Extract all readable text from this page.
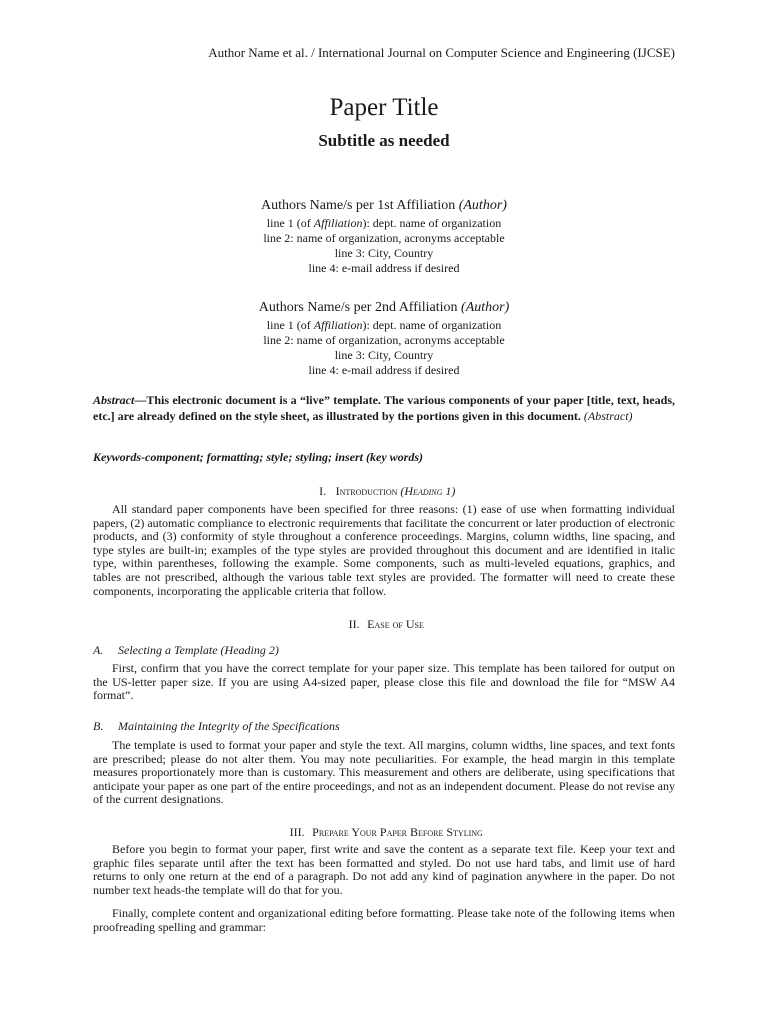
Author Name et al. / International Journal on Computer Science and Engineering (IJCSE)
Paper Title
Subtitle as needed
Authors Name/s per 1st Affiliation (Author)
line 1 (of Affiliation): dept. name of organization
line 2: name of organization, acronyms acceptable
line 3: City, Country
line 4: e-mail address if desired
Authors Name/s per 2nd Affiliation (Author)
line 1 (of Affiliation): dept. name of organization
line 2: name of organization, acronyms acceptable
line 3: City, Country
line 4: e-mail address if desired
Abstract—This electronic document is a “live” template. The various components of your paper [title, text, heads, etc.] are already defined on the style sheet, as illustrated by the portions given in this document. (Abstract)
Keywords-component; formatting; style; styling; insert (key words)
I. Introduction (Heading 1)

All standard paper components have been specified for three reasons: (1) ease of use when formatting individual papers, (2) automatic compliance to electronic requirements that facilitate the concurrent or later production of electronic products, and (3) conformity of style throughout a conference proceedings. Margins, column widths, line spacing, and type styles are built-in; examples of the type styles are provided throughout this document and are identified in italic type, within parentheses, following the example. Some components, such as multi-leveled equations, graphics, and tables are not prescribed, although the various table text styles are provided. The formatter will need to create these components, incorporating the applicable criteria that follow.

II. Ease of Use
A. Selecting a Template (Heading 2)

First, confirm that you have the correct template for your paper size. This template has been tailored for output on the US-letter paper size. If you are using A4-sized paper, please close this file and download the file for “MSW A4 format”.

B. Maintaining the Integrity of the Specifications

The template is used to format your paper and style the text. All margins, column widths, line spaces, and text fonts are prescribed; please do not alter them. You may note peculiarities. For example, the head margin in this template measures proportionately more than is customary. This measurement and others are deliberate, using specifications that anticipate your paper as one part of the entire proceedings, and not as an independent document. Please do not revise any of the current designations.

III. Prepare Your Paper Before Styling

Before you begin to format your paper, first write and save the content as a separate text file. Keep your text and graphic files separate until after the text has been formatted and styled. Do not use hard tabs, and limit use of hard returns to only one return at the end of a paragraph. Do not add any kind of pagination anywhere in the paper. Do not number text heads-the template will do that for you.

Finally, complete content and organizational editing before formatting. Please take note of the following items when proofreading spelling and grammar:
